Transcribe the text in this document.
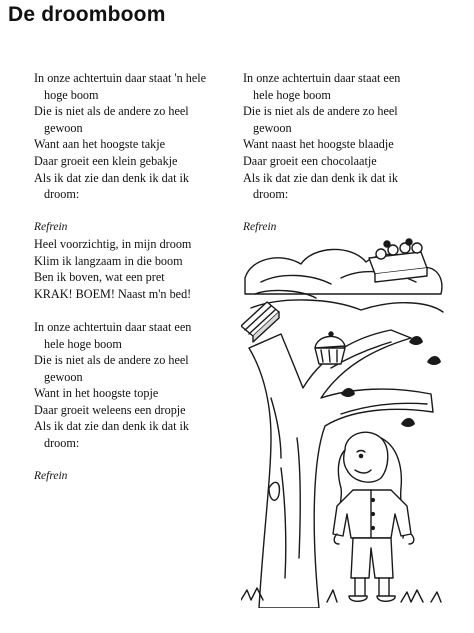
De droomboom
In onze achtertuin daar staat 'n hele
hoge boom
Die is niet als de andere zo heel
gewoon
Want aan het hoogste takje
Daar groeit een klein gebakje
Als ik dat zie dan denk ik dat ik
droom:
Refrein
Heel voorzichtig, in mijn droom
Klim ik langzaam in die boom
Ben ik boven, wat een pret
KRAK! BOEM! Naast m'n bed!
In onze achtertuin daar staat een
hele hoge boom
Die is niet als de andere zo heel
gewoon
Want in het hoogste topje
Daar groeit weleens een dropje
Als ik dat zie dan denk ik dat ik
droom:
Refrein
In onze achtertuin daar staat een
hele hoge boom
Die is niet als de andere zo heel
gewoon
Want naast het hoogste blaadje
Daar groeit een chocolaatje
Als ik dat zie dan denk ik dat ik
droom:
Refrein
